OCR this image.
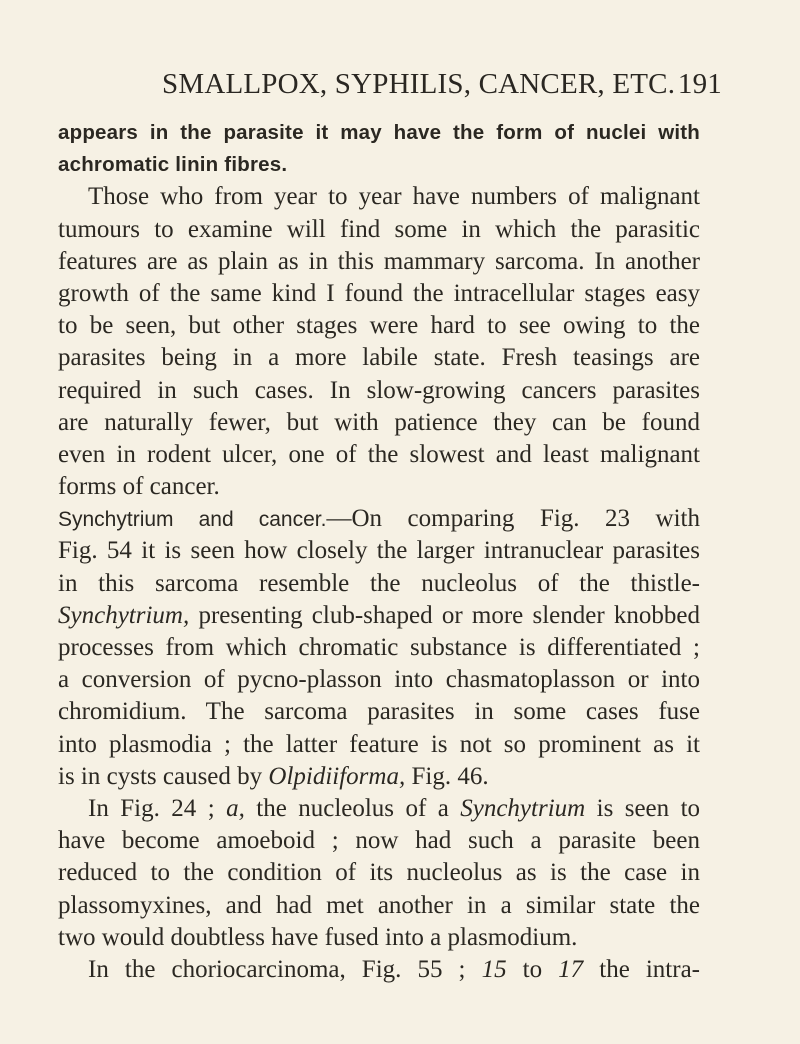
SMALLPOX, SYPHILIS, CANCER, ETC. 191
appears in the parasite it may have the form of nuclei with
achromatic linin fibres.
Those who from year to year have numbers of malignant
tumours to examine will find some in which the parasitic
features are as plain as in this mammary sarcoma. In another
growth of the same kind I found the intracellular stages easy
to be seen, but other stages were hard to see owing to the
parasites being in a more labile state. Fresh teasings are
required in such cases. In slow-growing cancers parasites
are naturally fewer, but with patience they can be found
even in rodent ulcer, one of the slowest and least malignant
forms of cancer.
Synchytrium and cancer.—On comparing Fig. 23 with
Fig. 54 it is seen how closely the larger intranuclear parasites
in this sarcoma resemble the nucleolus of the thistle-
Synchytrium, presenting club-shaped or more slender knobbed
processes from which chromatic substance is differentiated ;
a conversion of pycno-plasson into chasmatoplasson or into
chromidium. The sarcoma parasites in some cases fuse
into plasmodia ; the latter feature is not so prominent as it
is in cysts caused by Olpidiiforma, Fig. 46.
In Fig. 24 ; a, the nucleolus of a Synchytrium is seen to
have become amoeboid ; now had such a parasite been
reduced to the condition of its nucleolus as is the case in
plassomyxines, and had met another in a similar state the
two would doubtless have fused into a plasmodium.
In the choriocarcinoma, Fig. 55 ; 15 to 17 the intra-
